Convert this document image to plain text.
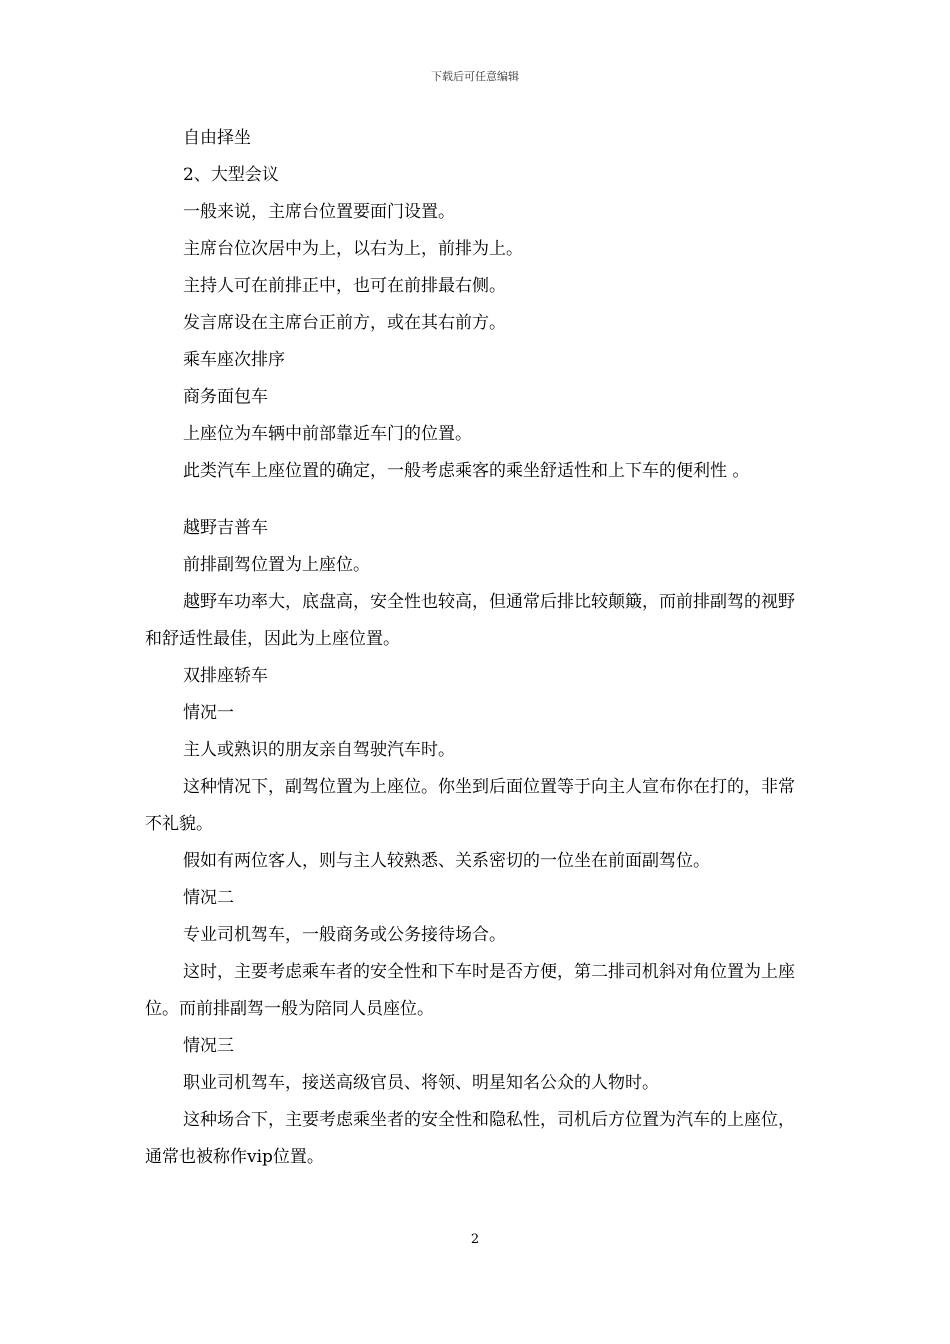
下载后可任意编辑

自由择坐

2、大型会议

一般来说，主席台位置要面门设置。

主席台位次居中为上，以右为上，前排为上。

主持人可在前排正中，也可在前排最右侧。

发言席设在主席台正前方，或在其右前方。

乘车座次排序

商务面包车

上座位为车辆中前部靠近车门的位置。

此类汽车上座位置的确定，一般考虑乘客的乘坐舒适性和上下车的便利性 。

越野吉普车

前排副驾位置为上座位。

越野车功率大，底盘高，安全性也较高，但通常后排比较颠簸，而前排副驾的视野和舒适性最佳，因此为上座位置。

双排座轿车

情况一

主人或熟识的朋友亲自驾驶汽车时。

这种情况下，副驾位置为上座位。你坐到后面位置等于向主人宣布你在打的，非常不礼貌。

假如有两位客人，则与主人较熟悉、关系密切的一位坐在前面副驾位。

情况二

专业司机驾车，一般商务或公务接待场合。

这时，主要考虑乘车者的安全性和下车时是否方便，第二排司机斜对角位置为上座位。而前排副驾一般为陪同人员座位。

情况三

职业司机驾车，接送高级官员、将领、明星知名公众的人物时。

这种场合下，主要考虑乘坐者的安全性和隐私性，司机后方位置为汽车的上座位，通常也被称作vip位置。

2
